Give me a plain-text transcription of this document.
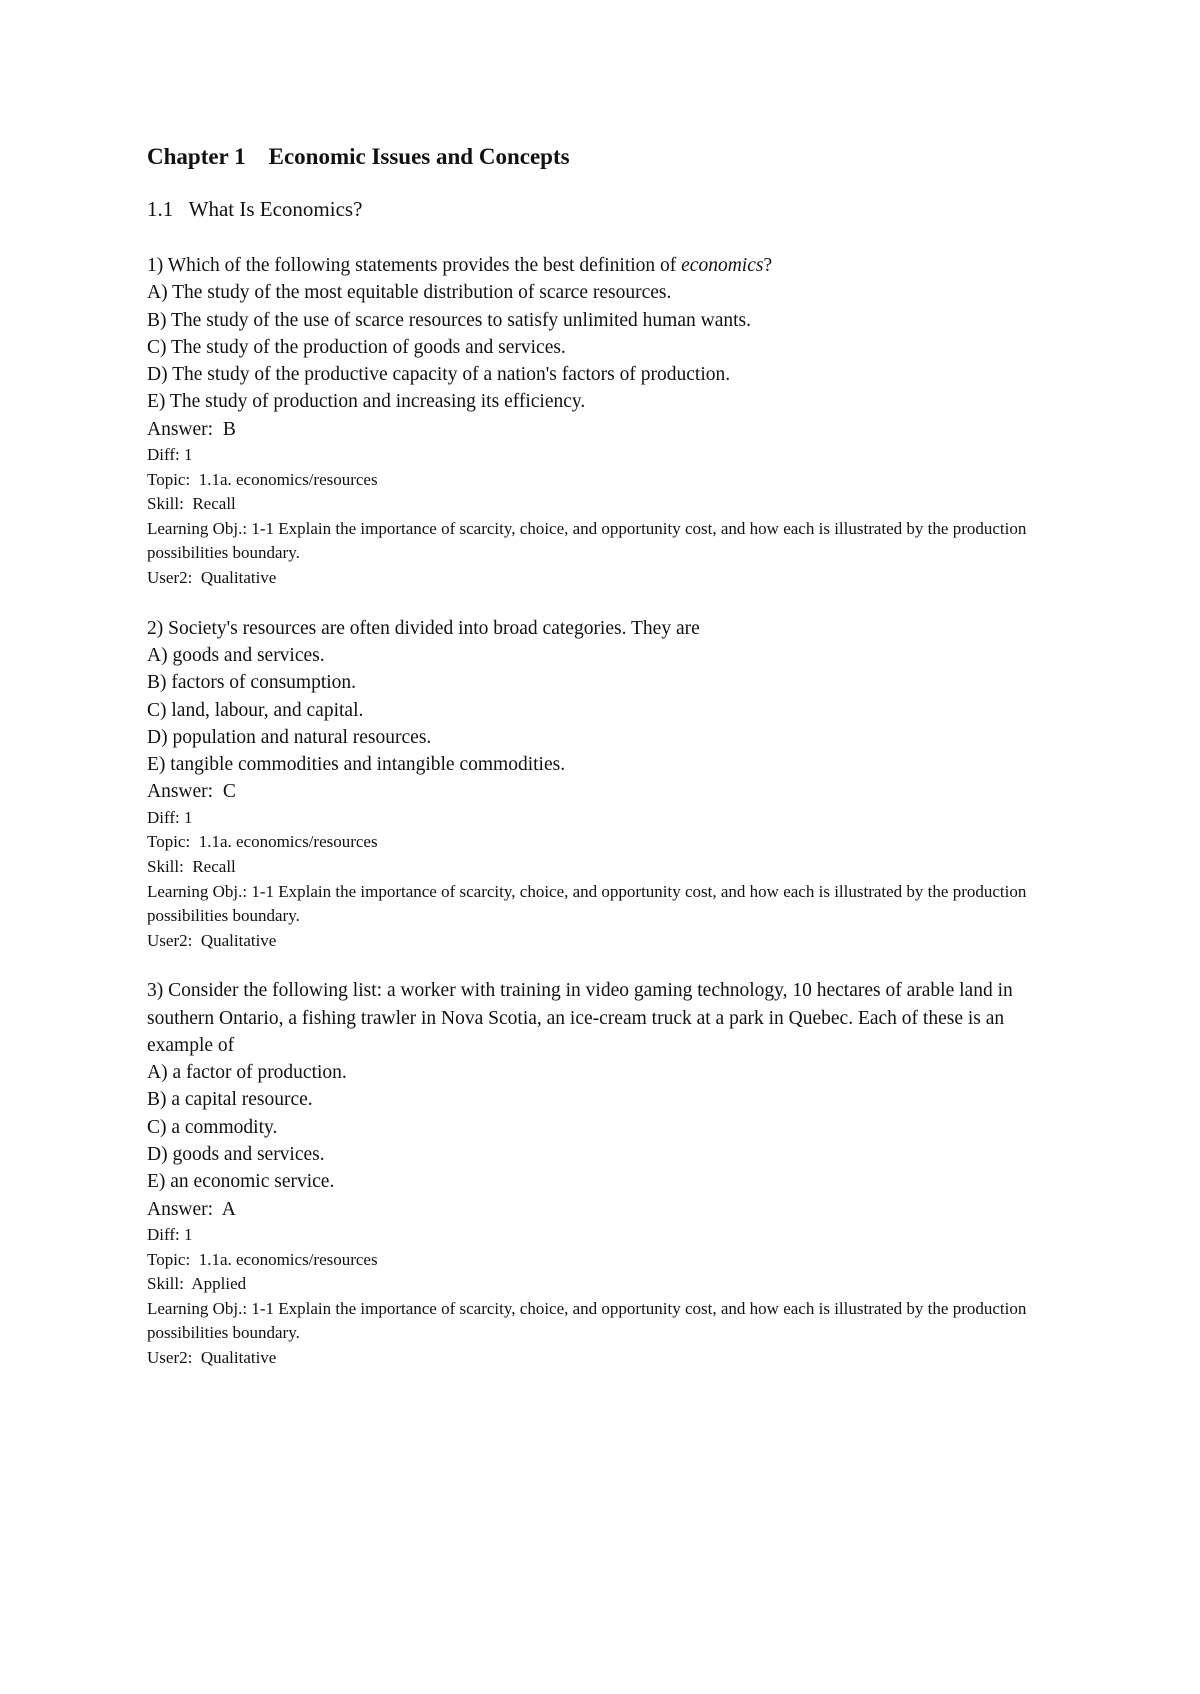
Chapter 1    Economic Issues and Concepts
1.1   What Is Economics?

1) Which of the following statements provides the best definition of economics?

A) The study of the most equitable distribution of scarce resources.

B) The study of the use of scarce resources to satisfy unlimited human wants.

C) The study of the production of goods and services.

D) The study of the productive capacity of a nation's factors of production.

E) The study of production and increasing its efficiency.

Answer:  B

Diff: 1

Topic:  1.1a. economics/resources

Skill:  Recall

Learning Obj.: 1-1 Explain the importance of scarcity, choice, and opportunity cost, and how each is illustrated by the production possibilities boundary.

User2:  Qualitative

2) Society's resources are often divided into broad categories. They are

A) goods and services.

B) factors of consumption.

C) land, labour, and capital.

D) population and natural resources.

E) tangible commodities and intangible commodities.

Answer:  C

Diff: 1

Topic:  1.1a. economics/resources

Skill:  Recall

Learning Obj.: 1-1 Explain the importance of scarcity, choice, and opportunity cost, and how each is illustrated by the production possibilities boundary.

User2:  Qualitative

3) Consider the following list: a worker with training in video gaming technology, 10 hectares of arable land in southern Ontario, a fishing trawler in Nova Scotia, an ice-cream truck at a park in Quebec. Each of these is an example of

A) a factor of production.

B) a capital resource.

C) a commodity.

D) goods and services.

E) an economic service.

Answer:  A

Diff: 1

Topic:  1.1a. economics/resources

Skill:  Applied

Learning Obj.: 1-1 Explain the importance of scarcity, choice, and opportunity cost, and how each is illustrated by the production possibilities boundary.

User2:  Qualitative
